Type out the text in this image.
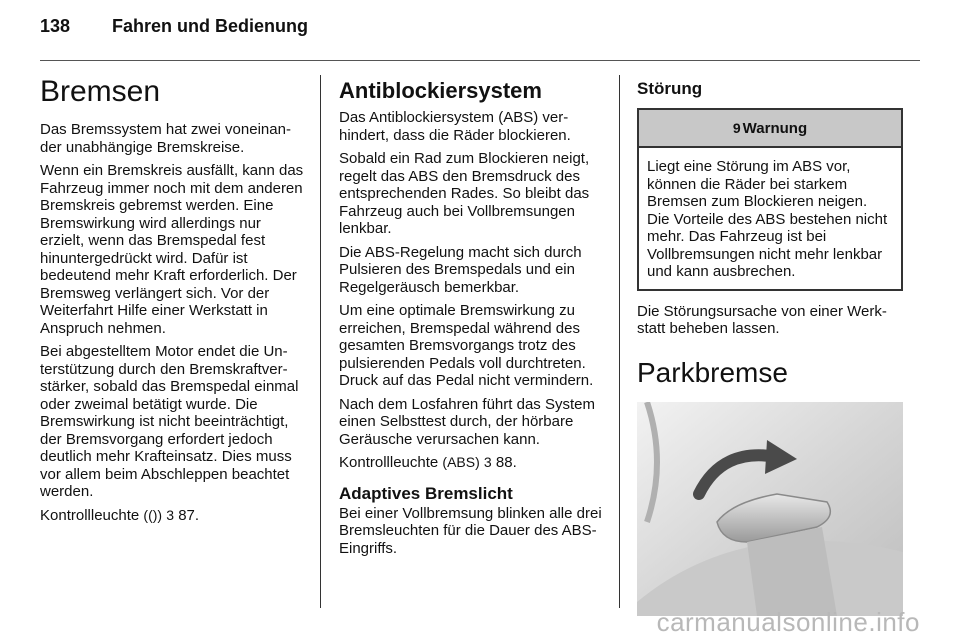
138 Fahren und Bedienung
Bremsen

Das Bremssystem hat zwei voneinander unabhängige Bremskreise.

Wenn ein Bremskreis ausfällt, kann das Fahrzeug immer noch mit dem anderen Bremskreis gebremst werden. Eine Bremswirkung wird allerdings nur erzielt, wenn das Bremspedal fest hinuntergedrückt wird. Dafür ist bedeutend mehr Kraft erforderlich. Der Bremsweg verlängert sich. Vor der Weiterfahrt Hilfe einer Werkstatt in Anspruch nehmen.

Bei abgestelltem Motor endet die Unterstützung durch den Bremskraftverstärker, sobald das Bremspedal einmal oder zweimal betätigt wurde. Die Bremswirkung ist nicht beeinträchtigt, der Bremsvorgang erfordert jedoch deutlich mehr Krafteinsatz. Dies muss vor allem beim Abschleppen beachtet werden.

Kontrollleuchte (()) 3 87.

Antiblockiersystem

Das Antiblockiersystem (ABS) verhindert, dass die Räder blockieren.

Sobald ein Rad zum Blockieren neigt, regelt das ABS den Bremsdruck des entsprechenden Rades. So bleibt das Fahrzeug auch bei Vollbremsungen lenkbar.

Die ABS-Regelung macht sich durch Pulsieren des Bremspedals und ein Regelgeräusch bemerkbar.

Um eine optimale Bremswirkung zu erreichen, Bremspedal während des gesamten Bremsvorgangs trotz des pulsierenden Pedals voll durchtreten. Druck auf das Pedal nicht vermindern.

Nach dem Losfahren führt das System einen Selbsttest durch, der hörbare Geräusche verursachen kann.

Kontrollleuchte (ABS) 3 88.

Adaptives Bremslicht

Bei einer Vollbremsung blinken alle drei Bremsleuchten für die Dauer des ABS-Eingriffs.

Störung
9 Warnung
Liegt eine Störung im ABS vor, können die Räder bei starkem Bremsen zum Blockieren neigen. Die Vorteile des ABS bestehen nicht mehr. Das Fahrzeug ist bei Vollbremsungen nicht mehr lenkbar und kann ausbrechen.

Die Störungsursache von einer Werkstatt beheben lassen.

Parkbremse
carmanualsonline.info
